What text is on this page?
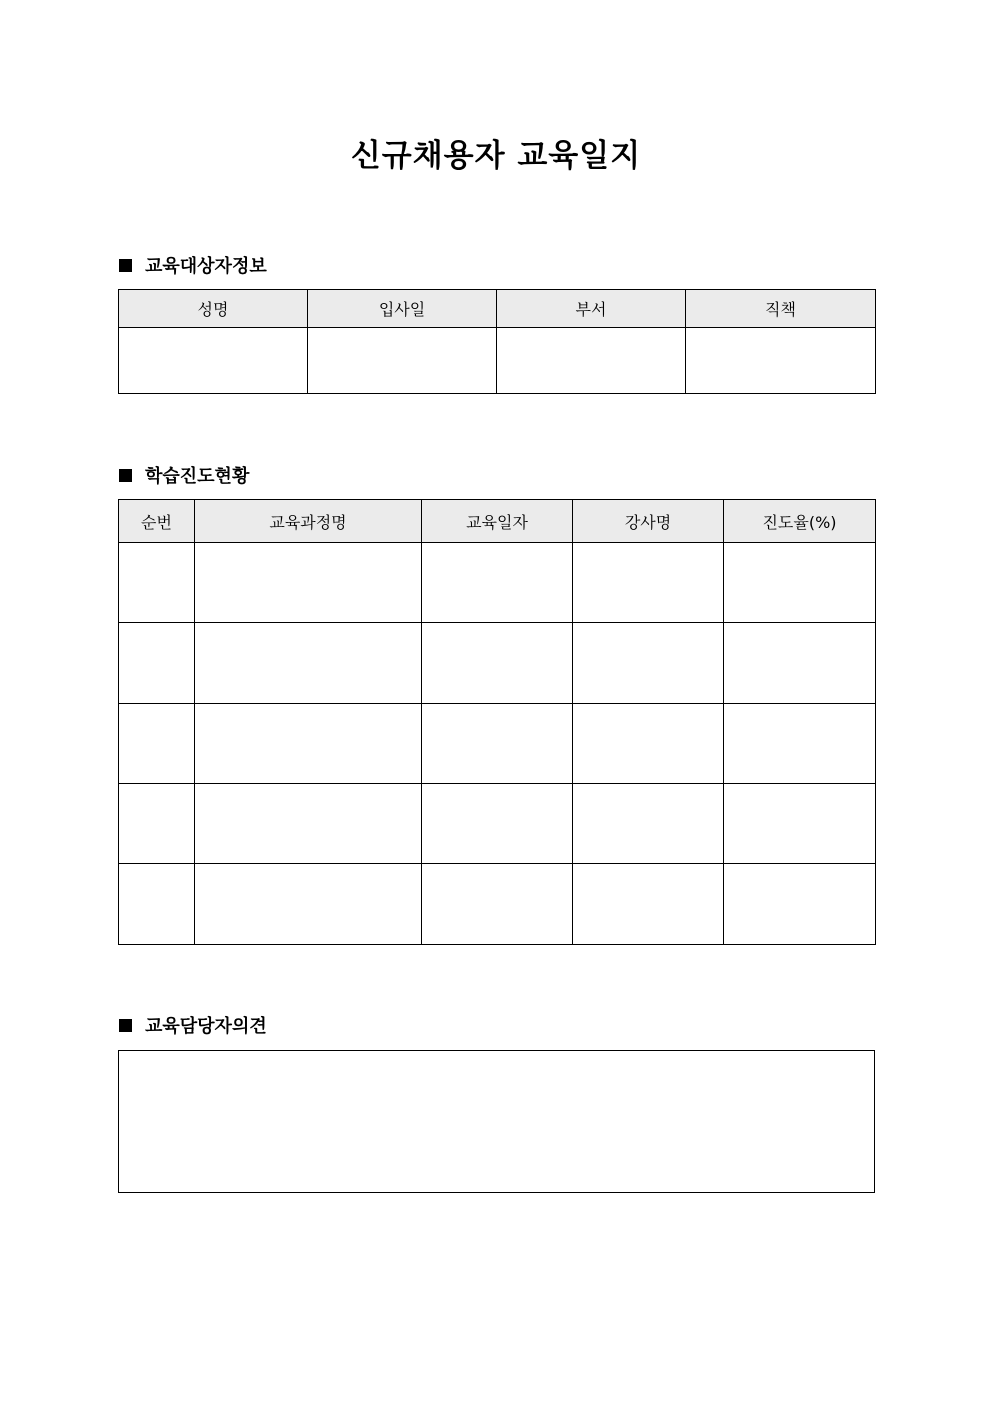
신규채용자 교육일지
교육대상자정보
성명	입사일	부서	직책

학습진도현황
순번	교육과정명	교육일자	강사명	진도율(%)

교육담당자의견
